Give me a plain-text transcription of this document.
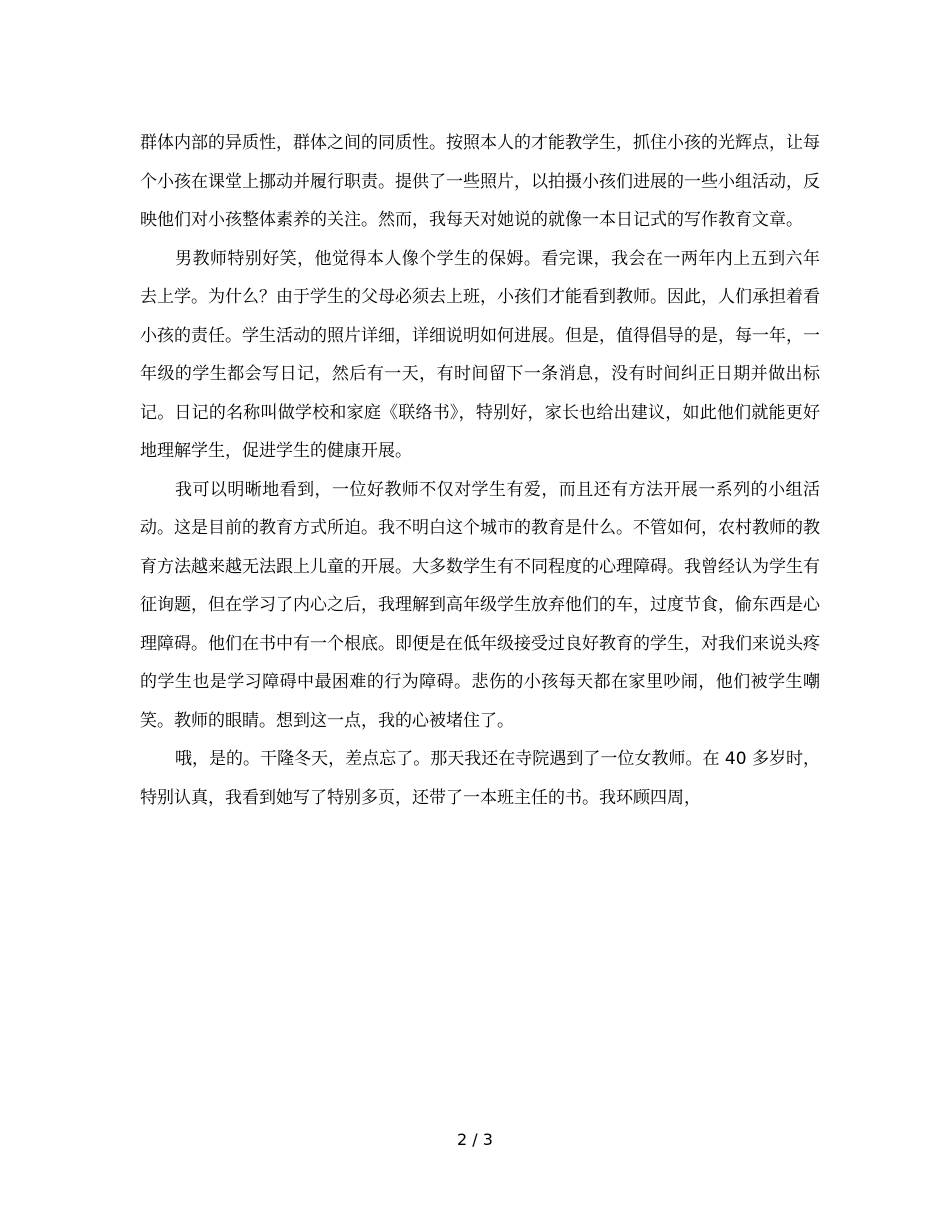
群体内部的异质性，群体之间的同质性。按照本人的才能教学生，抓住小孩的光辉点，让每个小孩在课堂上挪动并履行职责。提供了一些照片，以拍摄小孩们进展的一些小组活动，反映他们对小孩整体素养的关注。然而，我每天对她说的就像一本日记式的写作教育文章。

男教师特别好笑，他觉得本人像个学生的保姆。看完课，我会在一两年内上五到六年去上学。为什么？由于学生的父母必须去上班，小孩们才能看到教师。因此，人们承担着看小孩的责任。学生活动的照片详细，详细说明如何进展。但是，值得倡导的是，每一年，一年级的学生都会写日记，然后有一天，有时间留下一条消息，没有时间纠正日期并做出标记。日记的名称叫做学校和家庭《联络书》，特别好，家长也给出建议，如此他们就能更好地理解学生，促进学生的健康开展。

我可以明晰地看到，一位好教师不仅对学生有爱，而且还有方法开展一系列的小组活动。这是目前的教育方式所迫。我不明白这个城市的教育是什么。不管如何，农村教师的教育方法越来越无法跟上儿童的开展。大多数学生有不同程度的心理障碍。我曾经认为学生有征询题，但在学习了内心之后，我理解到高年级学生放弃他们的车，过度节食，偷东西是心理障碍。他们在书中有一个根底。即便是在低年级接受过良好教育的学生，对我们来说头疼的学生也是学习障碍中最困难的行为障碍。悲伤的小孩每天都在家里吵闹，他们被学生嘲笑。教师的眼睛。想到这一点，我的心被堵住了。

哦，是的。干隆冬天，差点忘了。那天我还在寺院遇到了一位女教师。在 40 多岁时，特别认真，我看到她写了特别多页，还带了一本班主任的书。我环顾四周，

2 / 3
